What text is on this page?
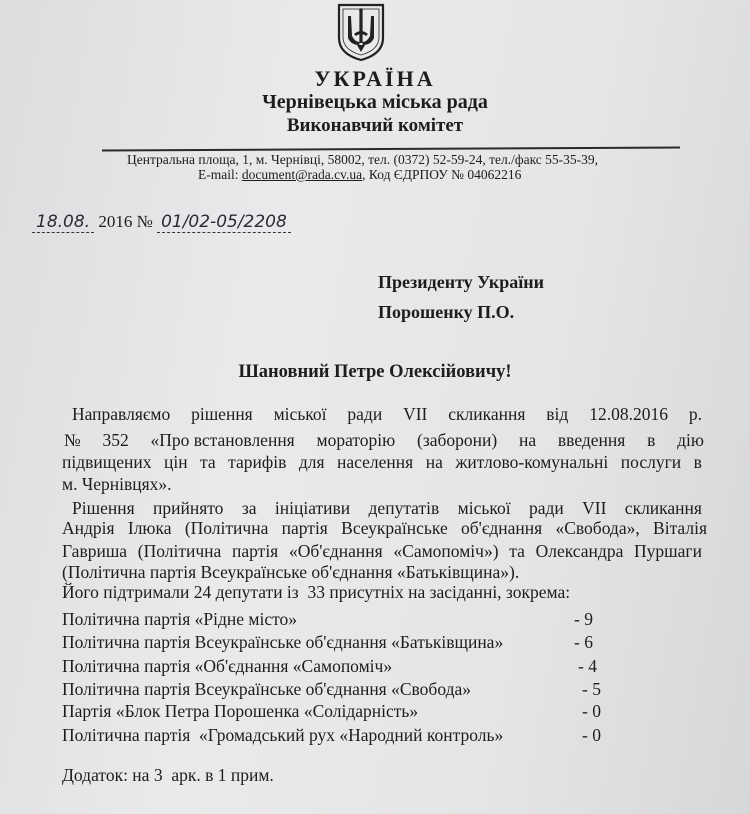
УКРАЇНА
Чернівецька міська рада
Виконавчий комітет
Центральна площа, 1, м. Чернівці, 58002, тел. (0372) 52-59-24, тел./факс 55-35-39,
E-mail: document@rada.cv.ua, Код ЄДРПОУ № 04062216
18.08. 2016 № 01/02-05/2208
Президенту України
Порошенку П.О.
Шановний Петре Олексійовичу!
Направляємо рішення міської ради VII скликання від 12.08.2016 р.
№ 352 «Про встановлення мораторію (заборони) на введення в дію
підвищених цін та тарифів для населення на житлово-комунальні послуги в
м. Чернівцях».
Рішення прийнято за ініціативи депутатів міської ради VII скликання
Андрія Ілюка (Політична партія Всеукраїнське об'єднання «Свобода», Віталія
Гавриша (Політична партія «Об'єднання «Самопоміч») та Олександра Пуршаги
(Політична партія Всеукраїнське об'єднання «Батьківщина»).
Його підтримали 24 депутати із  33 присутніх на засіданні, зокрема:
Політична партія «Рідне місто»	- 9
Політична партія Всеукраїнське об'єднання «Батьківщина»	- 6
Політична партія «Об'єднання «Самопоміч»	- 4
Політична партія Всеукраїнське об'єднання «Свобода»	- 5
Партія «Блок Петра Порошенка «Солідарність»	- 0
Політична партія  «Громадський рух «Народний контроль»	- 0
Додаток: на 3  арк. в 1 прим.
